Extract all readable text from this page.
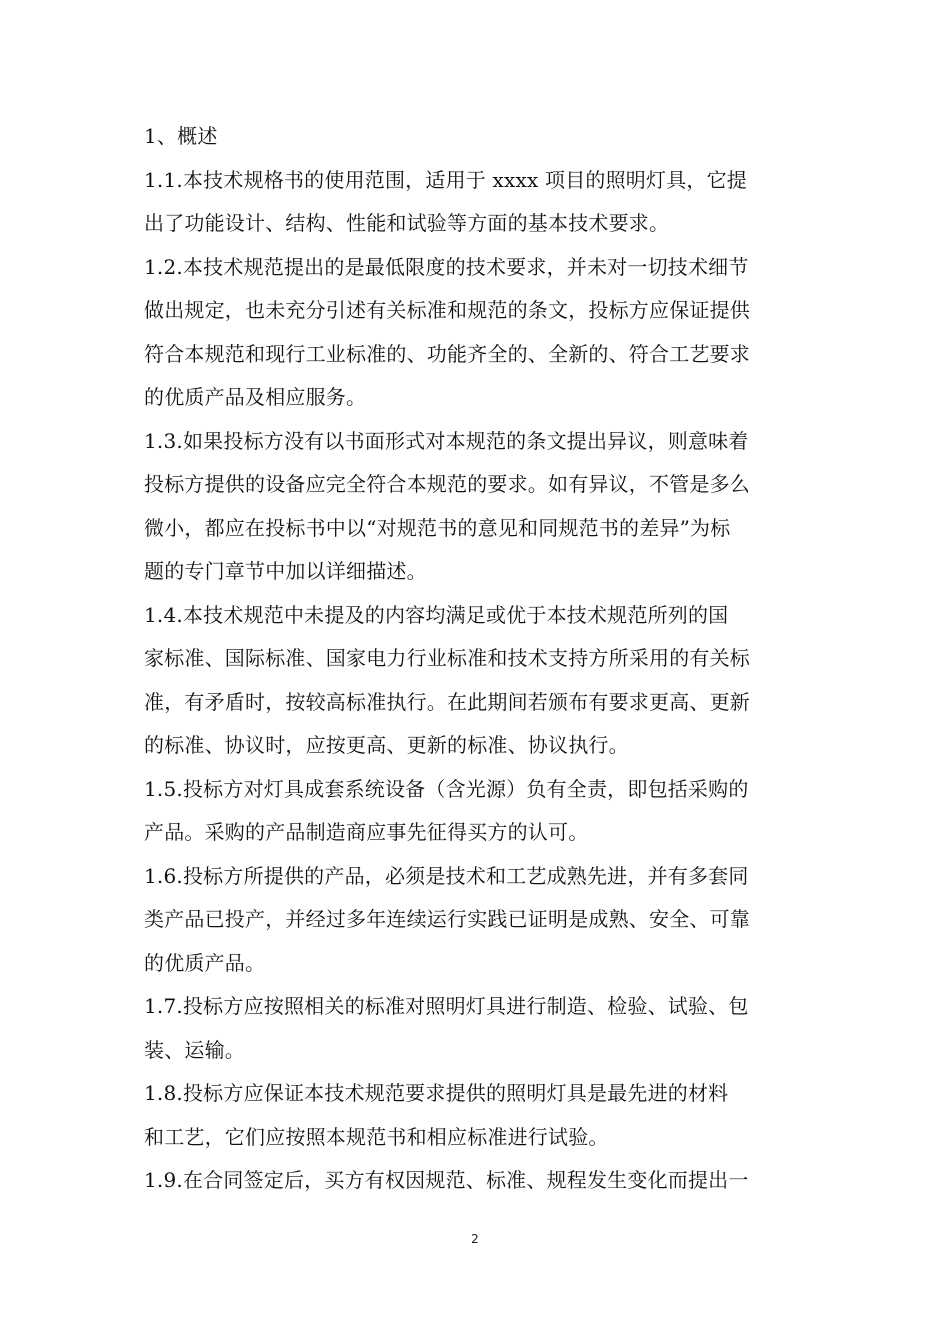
1、概述
1.1.本技术规格书的使用范围，适用于 xxxx 项目的照明灯具，它提
出了功能设计、结构、性能和试验等方面的基本技术要求。
1.2.本技术规范提出的是最低限度的技术要求，并未对一切技术细节
做出规定，也未充分引述有关标准和规范的条文，投标方应保证提供
符合本规范和现行工业标准的、功能齐全的、全新的、符合工艺要求
的优质产品及相应服务。
1.3.如果投标方没有以书面形式对本规范的条文提出异议，则意味着
投标方提供的设备应完全符合本规范的要求。如有异议，不管是多么
微小，都应在投标书中以“对规范书的意见和同规范书的差异”为标
题的专门章节中加以详细描述。
1.4.本技术规范中未提及的内容均满足或优于本技术规范所列的国
家标准、国际标准、国家电力行业标准和技术支持方所采用的有关标
准，有矛盾时，按较高标准执行。在此期间若颁布有要求更高、更新
的标准、协议时，应按更高、更新的标准、协议执行。
1.5.投标方对灯具成套系统设备（含光源）负有全责，即包括采购的
产品。采购的产品制造商应事先征得买方的认可。
1.6.投标方所提供的产品，必须是技术和工艺成熟先进，并有多套同
类产品已投产，并经过多年连续运行实践已证明是成熟、安全、可靠
的优质产品。
1.7.投标方应按照相关的标准对照明灯具进行制造、检验、试验、包
装、运输。
1.8.投标方应保证本技术规范要求提供的照明灯具是最先进的材料
和工艺，它们应按照本规范书和相应标准进行试验。
1.9.在合同签定后，买方有权因规范、标准、规程发生变化而提出一
2
